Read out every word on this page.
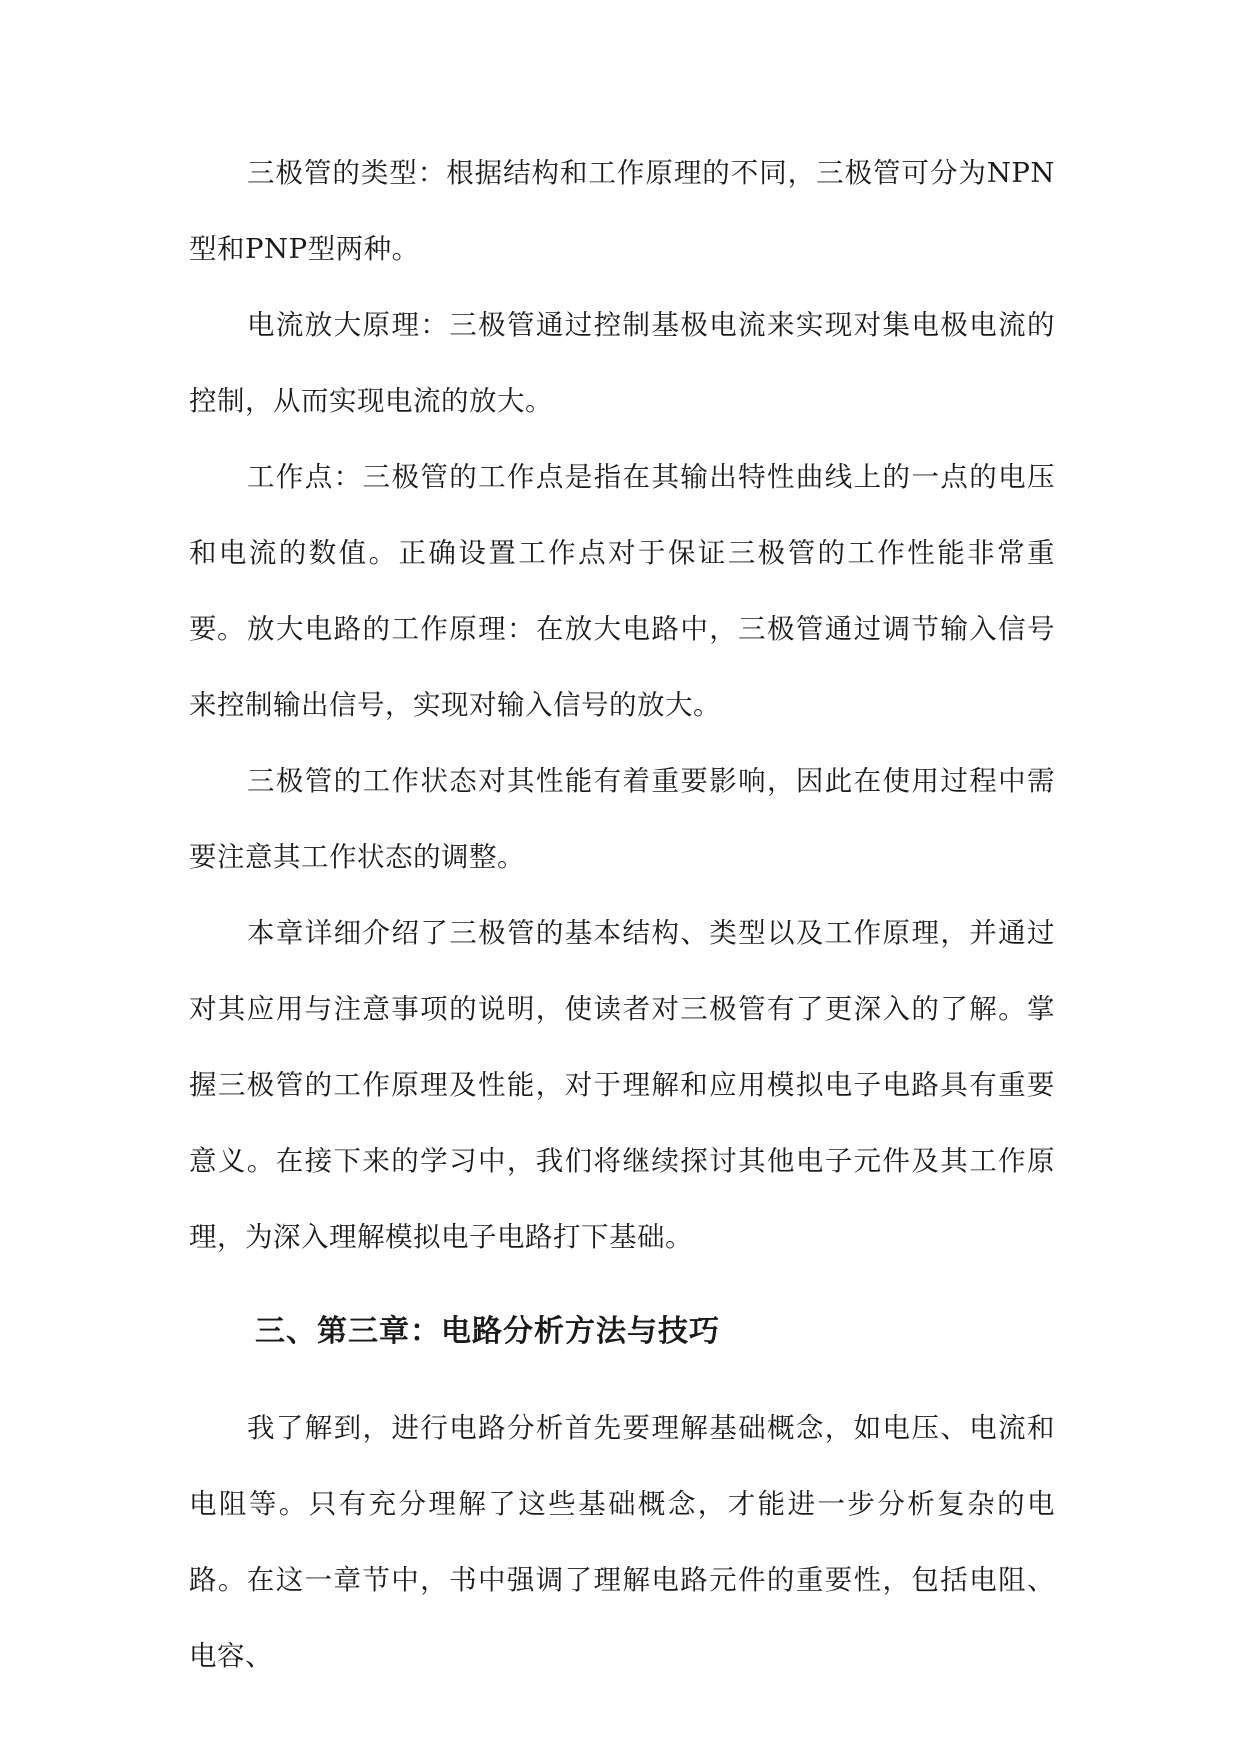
三极管的类型：根据结构和工作原理的不同，三极管可分为NPN型和PNP型两种。

电流放大原理：三极管通过控制基极电流来实现对集电极电流的控制，从而实现电流的放大。

工作点：三极管的工作点是指在其输出特性曲线上的一点的电压和电流的数值。正确设置工作点对于保证三极管的工作性能非常重要。 放大电路的工作原理：在放大电路中，三极管通过调节输入信号来控制输出信号，实现对输入信号的放大。

三极管的工作状态对其性能有着重要影响，因此在使用过程中需要注意其工作状态的调整。

本章详细介绍了三极管的基本结构、类型以及工作原理，并通过对其应用与注意事项的说明，使读者对三极管有了更深入的了解。掌握三极管的工作原理及性能，对于理解和应用模拟电子电路具有重要意义。在接下来的学习中，我们将继续探讨其他电子元件及其工作原理，为深入理解模拟电子电路打下基础。

三、第三章：电路分析方法与技巧

我了解到，进行电路分析首先要理解基础概念，如电压、电流和电阻等。只有充分理解了这些基础概念，才能进一步分析复杂的电路。在这一章节中，书中强调了理解电路元件的重要性，包括电阻、电容、
